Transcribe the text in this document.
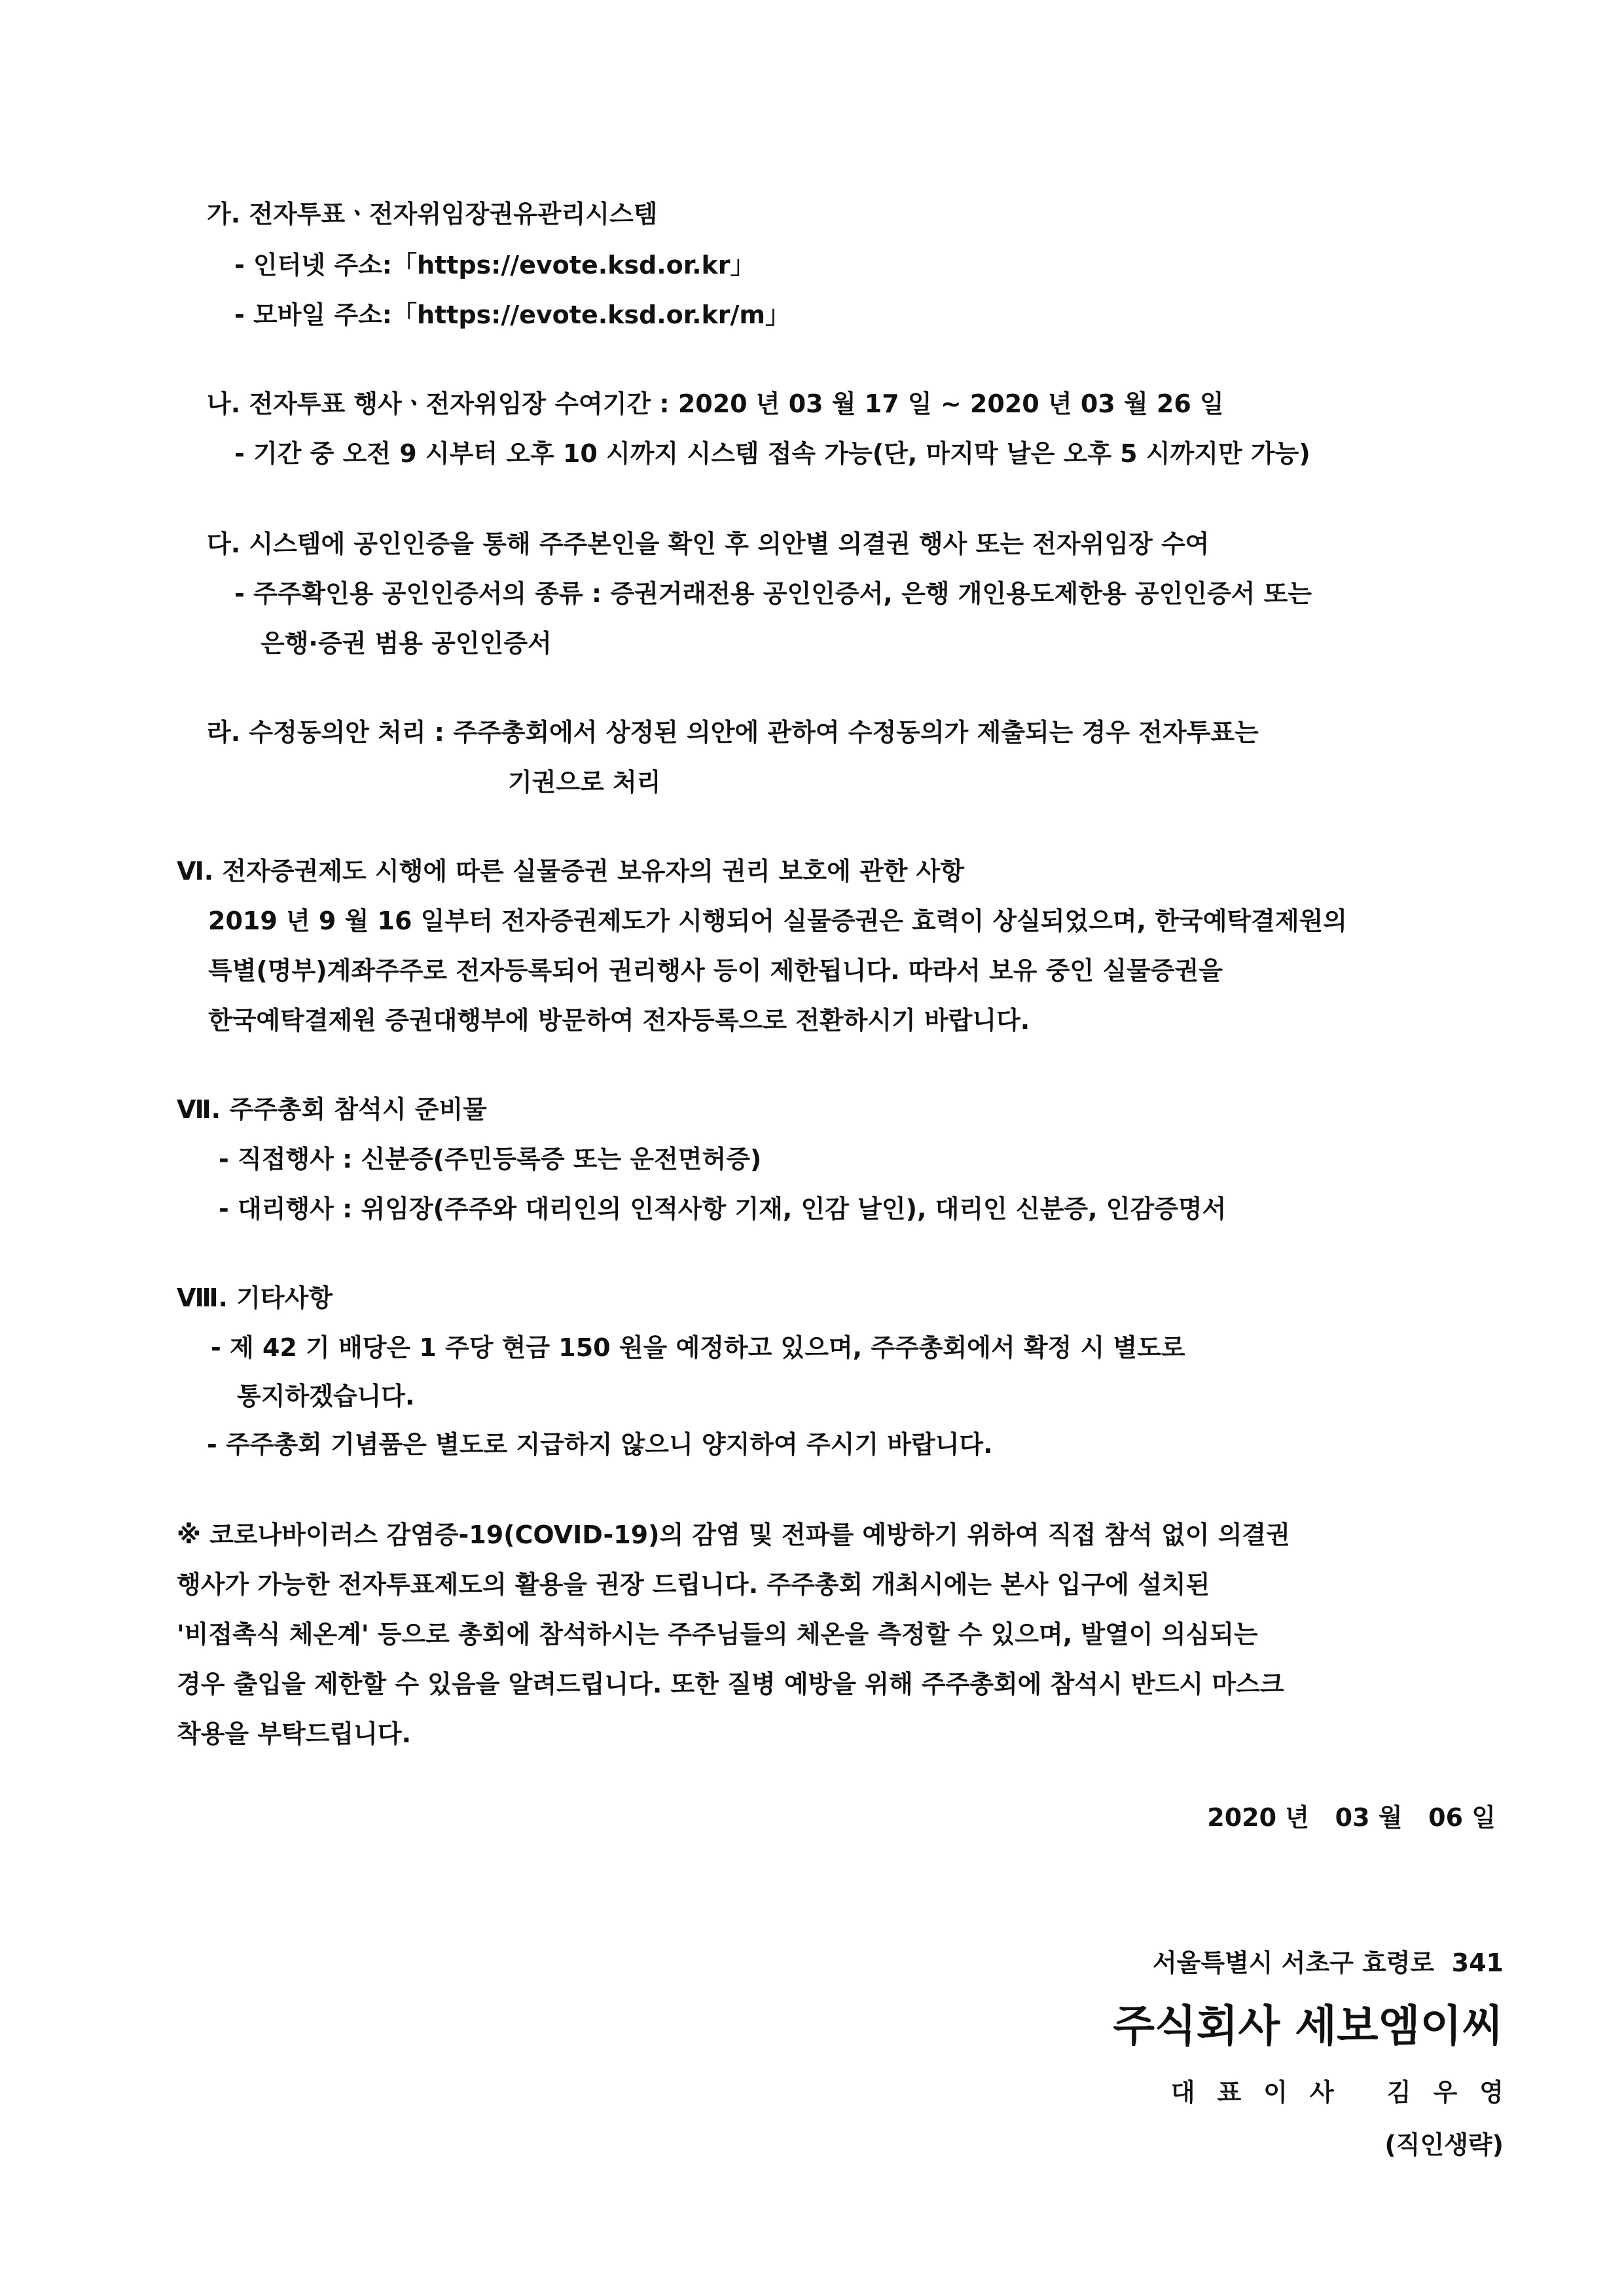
가. 전자투표ㆍ전자위임장권유관리시스템
- 인터넷 주소:「https://evote.ksd.or.kr」
- 모바일 주소:「https://evote.ksd.or.kr/m」
나. 전자투표 행사ㆍ전자위임장 수여기간 : 2020 년 03 월 17 일 ~ 2020 년 03 월 26 일
- 기간 중 오전 9 시부터 오후 10 시까지 시스템 접속 가능(단, 마지막 날은 오후 5 시까지만 가능)
다. 시스템에 공인인증을 통해 주주본인을 확인 후 의안별 의결권 행사 또는 전자위임장 수여
- 주주확인용 공인인증서의 종류 : 증권거래전용 공인인증서, 은행 개인용도제한용 공인인증서 또는
은행·증권 범용 공인인증서
라. 수정동의안 처리 : 주주총회에서 상정된 의안에 관하여 수정동의가 제출되는 경우 전자투표는
기권으로 처리
Ⅵ. 전자증권제도 시행에 따른 실물증권 보유자의 권리 보호에 관한 사항
2019 년 9 월 16 일부터 전자증권제도가 시행되어 실물증권은 효력이 상실되었으며, 한국예탁결제원의
특별(명부)계좌주주로 전자등록되어 권리행사 등이 제한됩니다. 따라서 보유 중인 실물증권을
한국예탁결제원 증권대행부에 방문하여 전자등록으로 전환하시기 바랍니다.
Ⅶ. 주주총회 참석시 준비물
- 직접행사 : 신분증(주민등록증 또는 운전면허증)
- 대리행사 : 위임장(주주와 대리인의 인적사항 기재, 인감 날인), 대리인 신분증, 인감증명서
Ⅷ. 기타사항
- 제 42 기 배당은 1 주당 현금 150 원을 예정하고 있으며, 주주총회에서 확정 시 별도로
통지하겠습니다.
- 주주총회 기념품은 별도로 지급하지 않으니 양지하여 주시기 바랍니다.
※ 코로나바이러스 감염증-19(COVID-19)의 감염 및 전파를 예방하기 위하여 직접 참석 없이 의결권
행사가 가능한 전자투표제도의 활용을 권장 드립니다. 주주총회 개최시에는 본사 입구에 설치된
'비접촉식 체온계' 등으로 총회에 참석하시는 주주님들의 체온을 측정할 수 있으며, 발열이 의심되는
경우 출입을 제한할 수 있음을 알려드립니다. 또한 질병 예방을 위해 주주총회에 참석시 반드시 마스크
착용을 부탁드립니다.
2020 년   03 월   06 일
서울특별시 서초구 효령로  341
주식회사 세보엠이씨
대표이사 김우영
(직인생략)
